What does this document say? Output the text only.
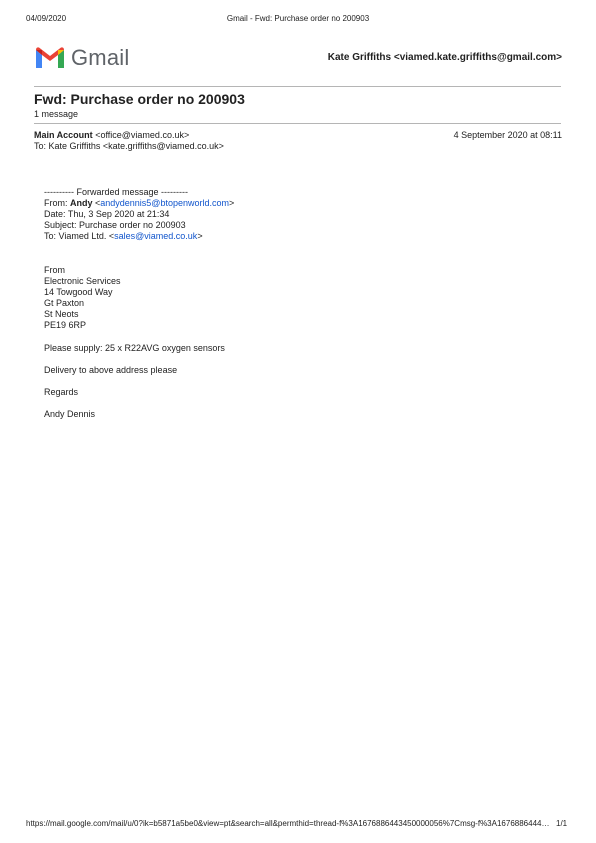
04/09/2020	Gmail - Fwd: Purchase order no 200903
Gmail	Kate Griffiths <viamed.kate.griffiths@gmail.com>
Fwd: Purchase order no 200903
1 message
Main Account <office@viamed.co.uk>	4 September 2020 at 08:11
To: Kate Griffiths <kate.griffiths@viamed.co.uk>
---------- Forwarded message ---------
From: Andy <andydennis5@btopenworld.com>
Date: Thu, 3 Sep 2020 at 21:34
Subject: Purchase order no 200903
To: Viamed Ltd. <sales@viamed.co.uk>
From
Electronic Services
14 Towgood Way
Gt Paxton
St Neots
PE19 6RP
Please supply: 25 x R22AVG oxygen sensors
Delivery to above address please
Regards
Andy Dennis
https://mail.google.com/mail/u/0?ik=b5871a5be0&view=pt&search=all&permthid=thread-f%3A1676886443450000056%7Cmsg-f%3A1676886444… 1/1
